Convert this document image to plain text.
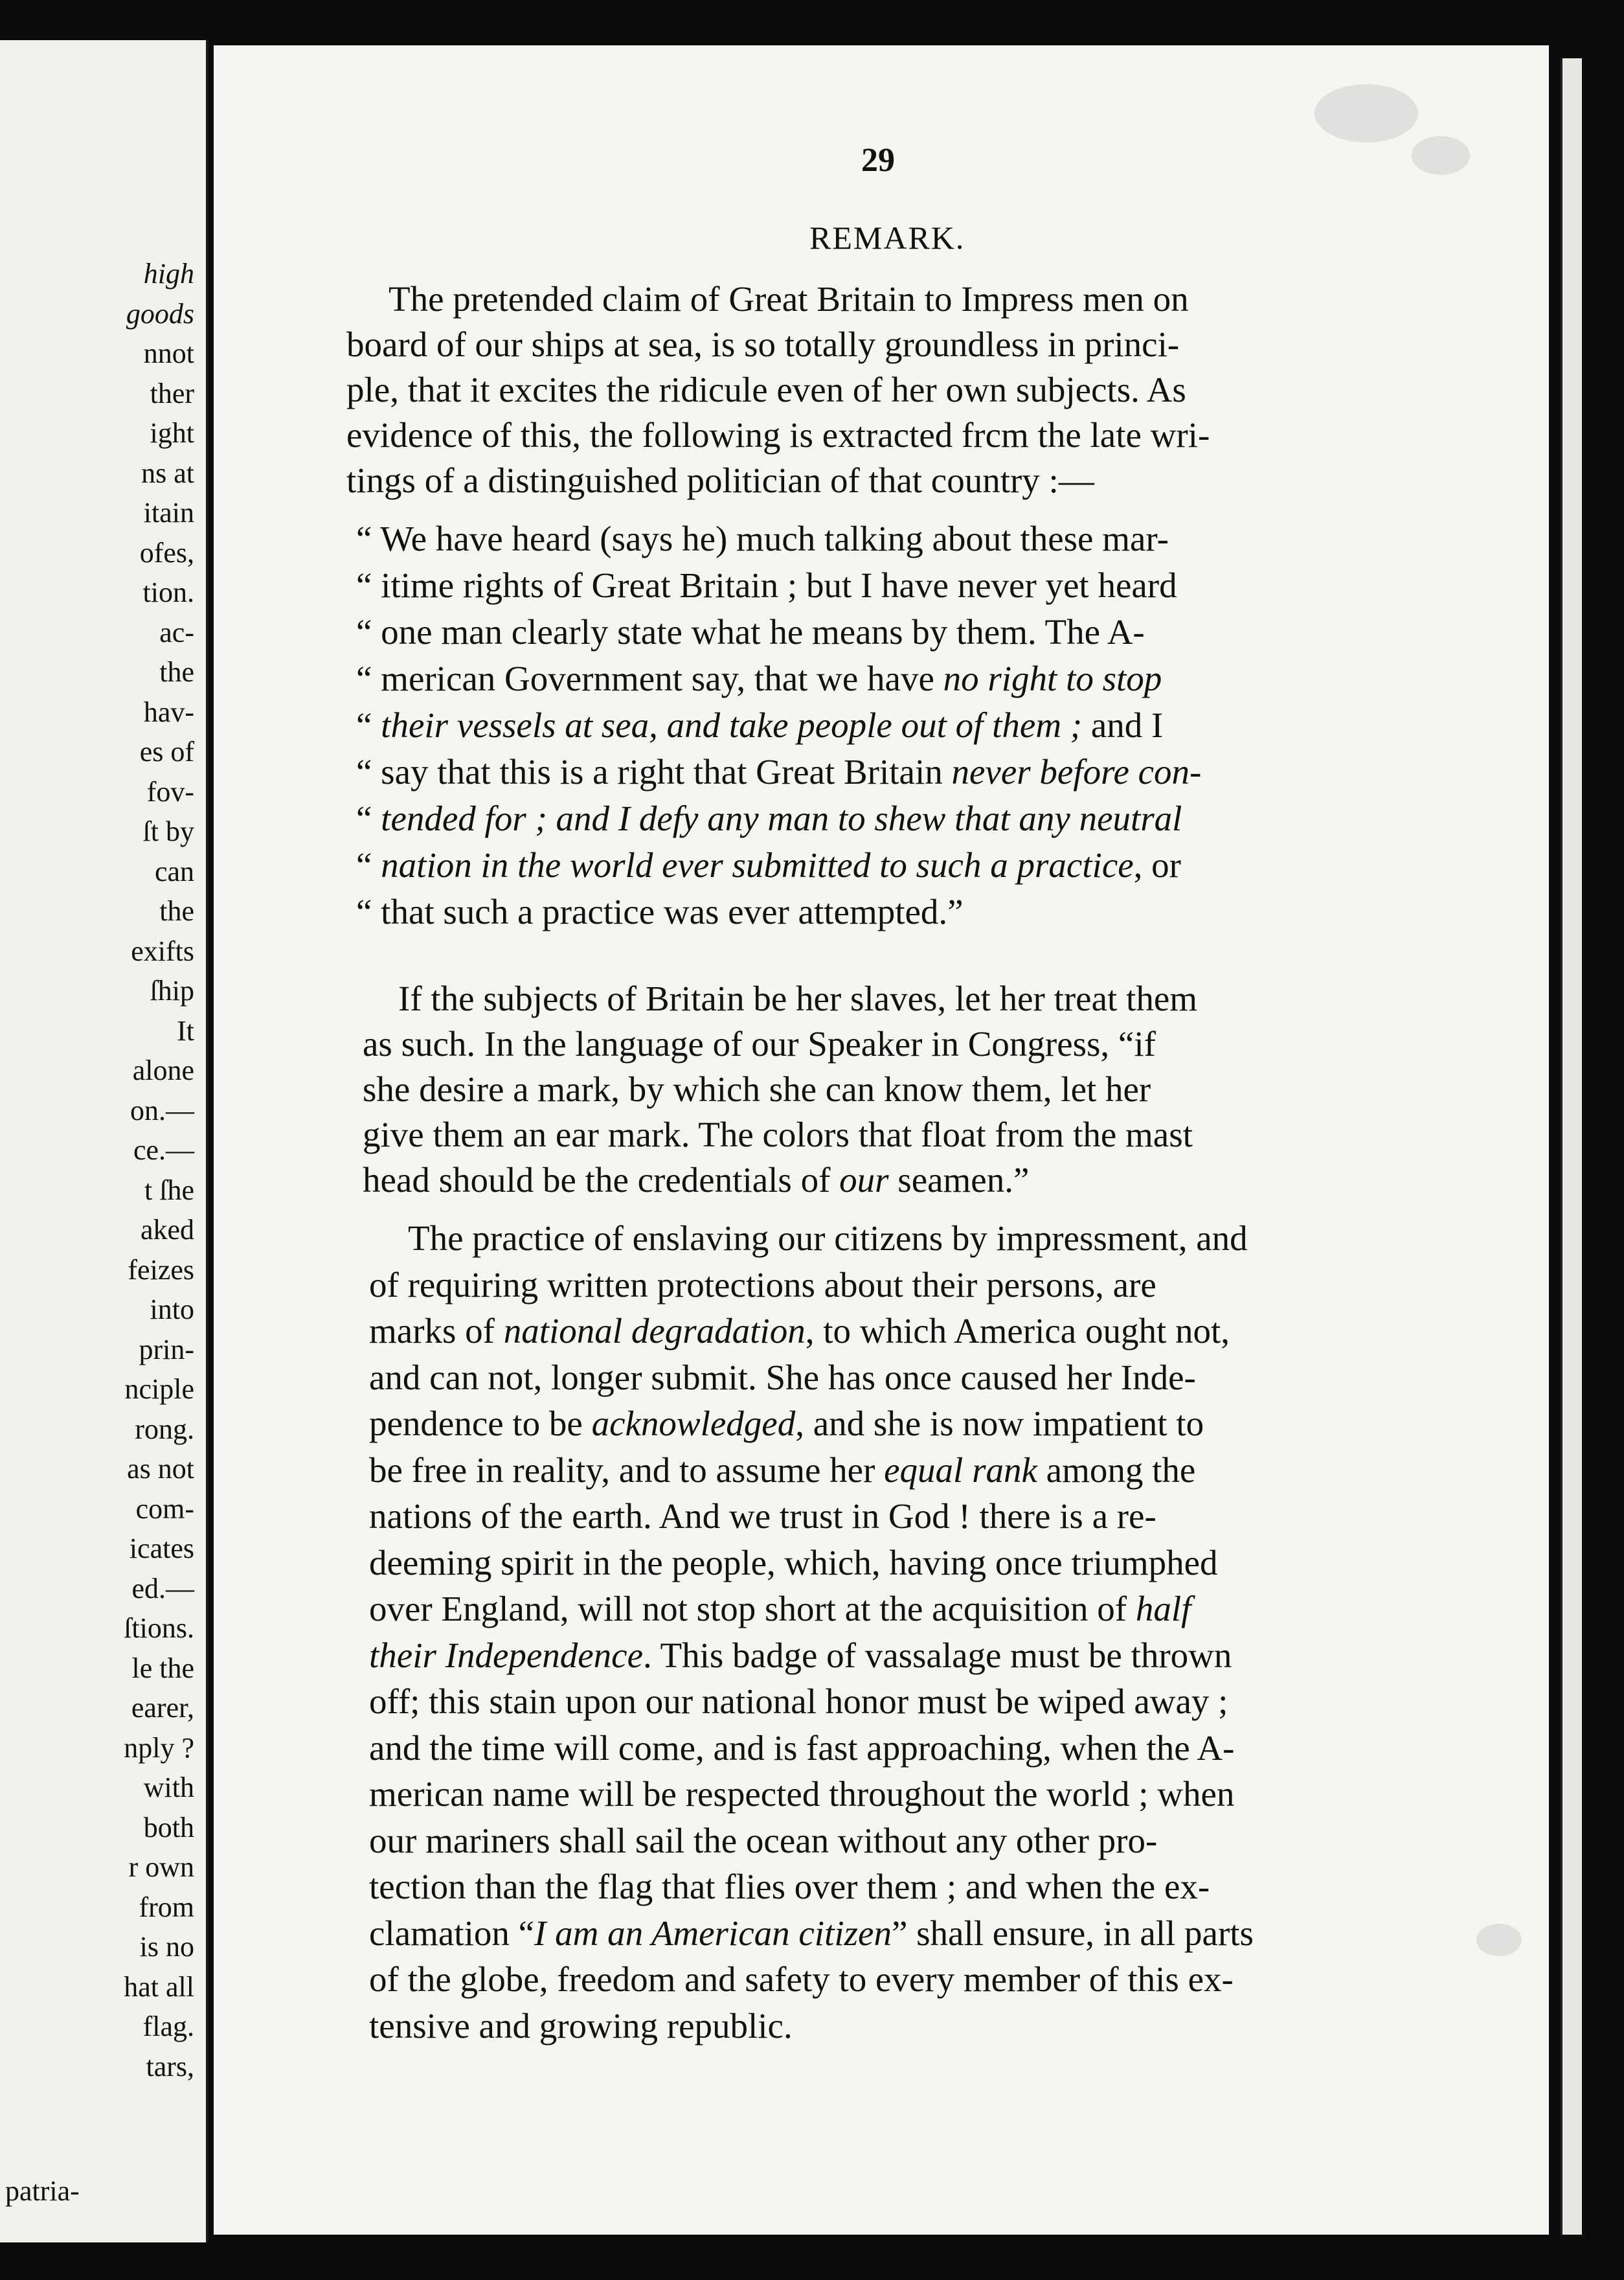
high
goods
nnot
ther
ight
ns at
itain
ofes,
tion.
ac-
the
hav-
es of
fov-
ſt by
can
the
exifts
ſhip
It
alone
on.—
ce.—
t ſhe
aked
feizes
into
prin-
nciple
rong.
as not
com-
icates
ed.—
ſtions.
le the
earer,
nply ?
with
both
r own
from
is no
hat all
flag.
tars,
patria-
29
REMARK.
The pretended claim of Great Britain to Impress men on
board of our ships at sea, is so totally groundless in princi-
ple, that it excites the ridicule even of her own subjects. As
evidence of this, the following is extracted frcm the late wri-
tings of a distinguished politician of that country :—
“ We have heard (says he) much talking about these mar-
“ itime rights of Great Britain ; but I have never yet heard
“ one man clearly state what he means by them. The A-
“ merican Government say, that we have no right to stop
“ their vessels at sea, and take people out of them ; and I
“ say that this is a right that Great Britain never before con-
“ tended for ; and I defy any man to shew that any neutral
“ nation in the world ever submitted to such a practice, or
“ that such a practice was ever attempted.”
If the subjects of Britain be her slaves, let her treat them
as such. In the language of our Speaker in Congress, “if
she desire a mark, by which she can know them, let her
give them an ear mark. The colors that float from the mast
head should be the credentials of our seamen.”
The practice of enslaving our citizens by impressment, and
of requiring written protections about their persons, are
marks of national degradation, to which America ought not,
and can not, longer submit. She has once caused her Inde-
pendence to be acknowledged, and she is now impatient to
be free in reality, and to assume her equal rank among the
nations of the earth. And we trust in God ! there is a re-
deeming spirit in the people, which, having once triumphed
over England, will not stop short at the acquisition of half
their Independence. This badge of vassalage must be thrown
off; this stain upon our national honor must be wiped away ;
and the time will come, and is fast approaching, when the A-
merican name will be respected throughout the world ; when
our mariners shall sail the ocean without any other pro-
tection than the flag that flies over them ; and when the ex-
clamation “I am an American citizen” shall ensure, in all parts
of the globe, freedom and safety to every member of this ex-
tensive and growing republic.
